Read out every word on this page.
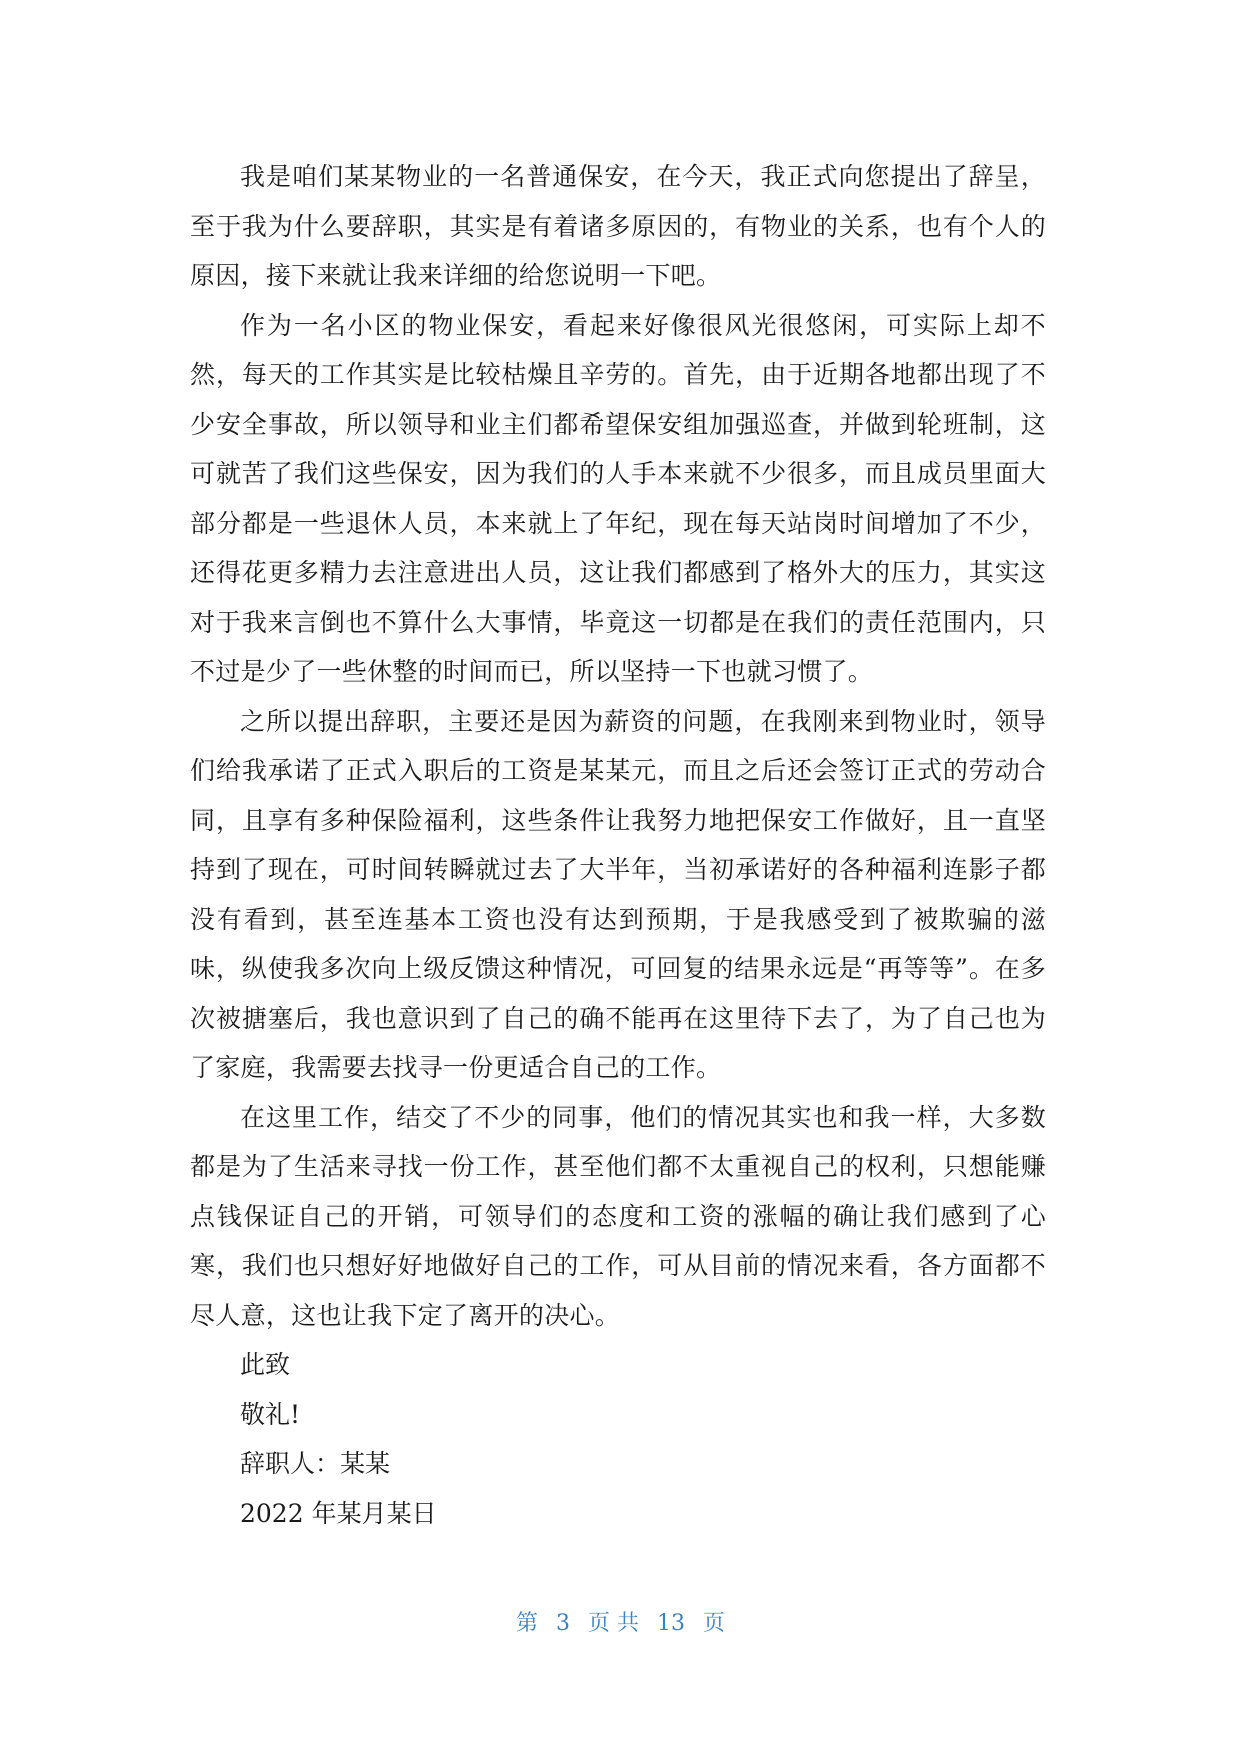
我是咱们某某物业的一名普通保安，在今天，我正式向您提出了辞呈，至于我为什么要辞职，其实是有着诸多原因的，有物业的关系，也有个人的原因，接下来就让我来详细的给您说明一下吧。

作为一名小区的物业保安，看起来好像很风光很悠闲，可实际上却不然，每天的工作其实是比较枯燥且辛劳的。首先，由于近期各地都出现了不少安全事故，所以领导和业主们都希望保安组加强巡查，并做到轮班制，这可就苦了我们这些保安，因为我们的人手本来就不少很多，而且成员里面大部分都是一些退休人员，本来就上了年纪，现在每天站岗时间增加了不少，还得花更多精力去注意进出人员，这让我们都感到了格外大的压力，其实这对于我来言倒也不算什么大事情，毕竟这一切都是在我们的责任范围内，只不过是少了一些休整的时间而已，所以坚持一下也就习惯了。

之所以提出辞职，主要还是因为薪资的问题，在我刚来到物业时，领导们给我承诺了正式入职后的工资是某某元，而且之后还会签订正式的劳动合同，且享有多种保险福利，这些条件让我努力地把保安工作做好，且一直坚持到了现在，可时间转瞬就过去了大半年，当初承诺好的各种福利连影子都没有看到，甚至连基本工资也没有达到预期，于是我感受到了被欺骗的滋味，纵使我多次向上级反馈这种情况，可回复的结果永远是“再等等”。在多次被搪塞后，我也意识到了自己的确不能再在这里待下去了，为了自己也为了家庭，我需要去找寻一份更适合自己的工作。

在这里工作，结交了不少的同事，他们的情况其实也和我一样，大多数都是为了生活来寻找一份工作，甚至他们都不太重视自己的权利，只想能赚点钱保证自己的开销，可领导们的态度和工资的涨幅的确让我们感到了心寒，我们也只想好好地做好自己的工作，可从目前的情况来看，各方面都不尽人意，这也让我下定了离开的决心。

此致

敬礼!

辞职人：某某

2022 年某月某日

第 3 页 共 13 页
